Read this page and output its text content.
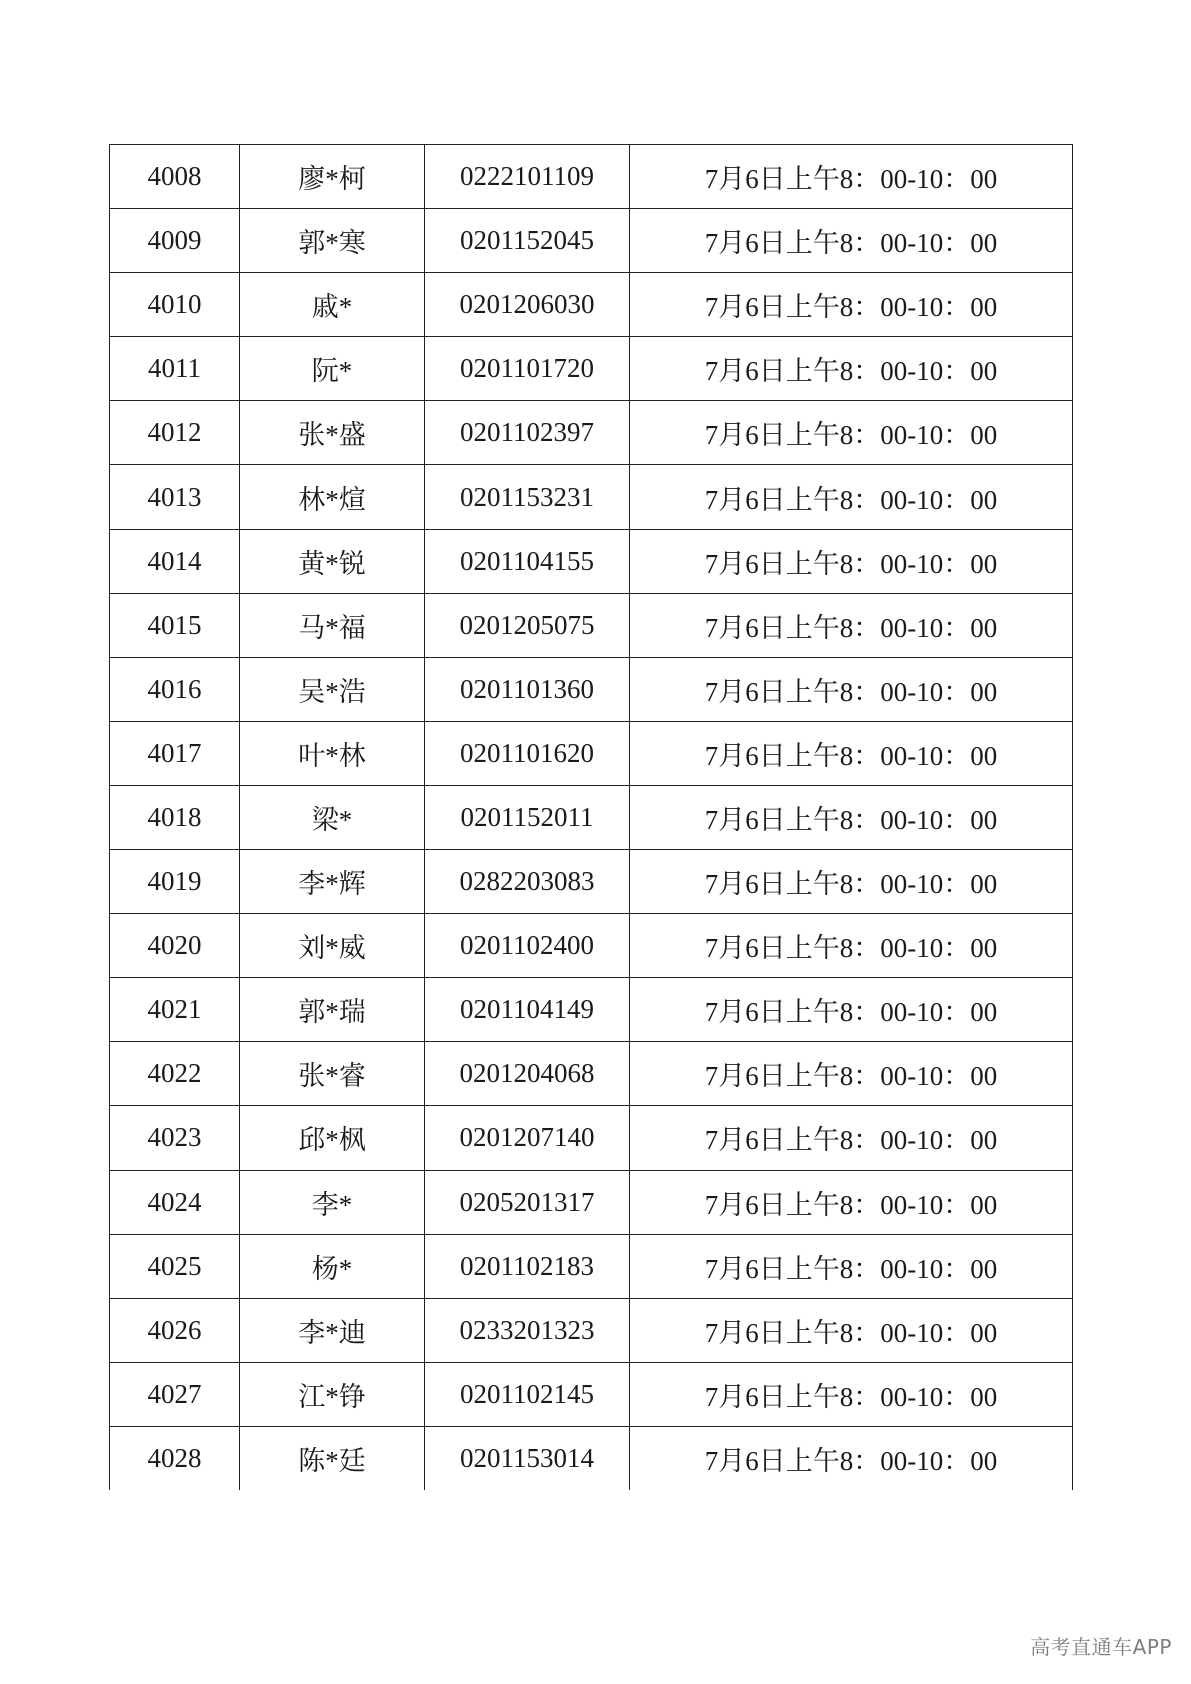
4008	廖*柯	0222101109	7月6日上午8：00-10：00
4009	郭*寒	0201152045	7月6日上午8：00-10：00
4010	戚*	0201206030	7月6日上午8：00-10：00
4011	阮*	0201101720	7月6日上午8：00-10：00
4012	张*盛	0201102397	7月6日上午8：00-10：00
4013	林*煊	0201153231	7月6日上午8：00-10：00
4014	黄*锐	0201104155	7月6日上午8：00-10：00
4015	马*福	0201205075	7月6日上午8：00-10：00
4016	吴*浩	0201101360	7月6日上午8：00-10：00
4017	叶*林	0201101620	7月6日上午8：00-10：00
4018	梁*	0201152011	7月6日上午8：00-10：00
4019	李*辉	0282203083	7月6日上午8：00-10：00
4020	刘*威	0201102400	7月6日上午8：00-10：00
4021	郭*瑞	0201104149	7月6日上午8：00-10：00
4022	张*睿	0201204068	7月6日上午8：00-10：00
4023	邱*枫	0201207140	7月6日上午8：00-10：00
4024	李*	0205201317	7月6日上午8：00-10：00
4025	杨*	0201102183	7月6日上午8：00-10：00
4026	李*迪	0233201323	7月6日上午8：00-10：00
4027	江*铮	0201102145	7月6日上午8：00-10：00
4028	陈*廷	0201153014	7月6日上午8：00-10：00
高考直通车APP
